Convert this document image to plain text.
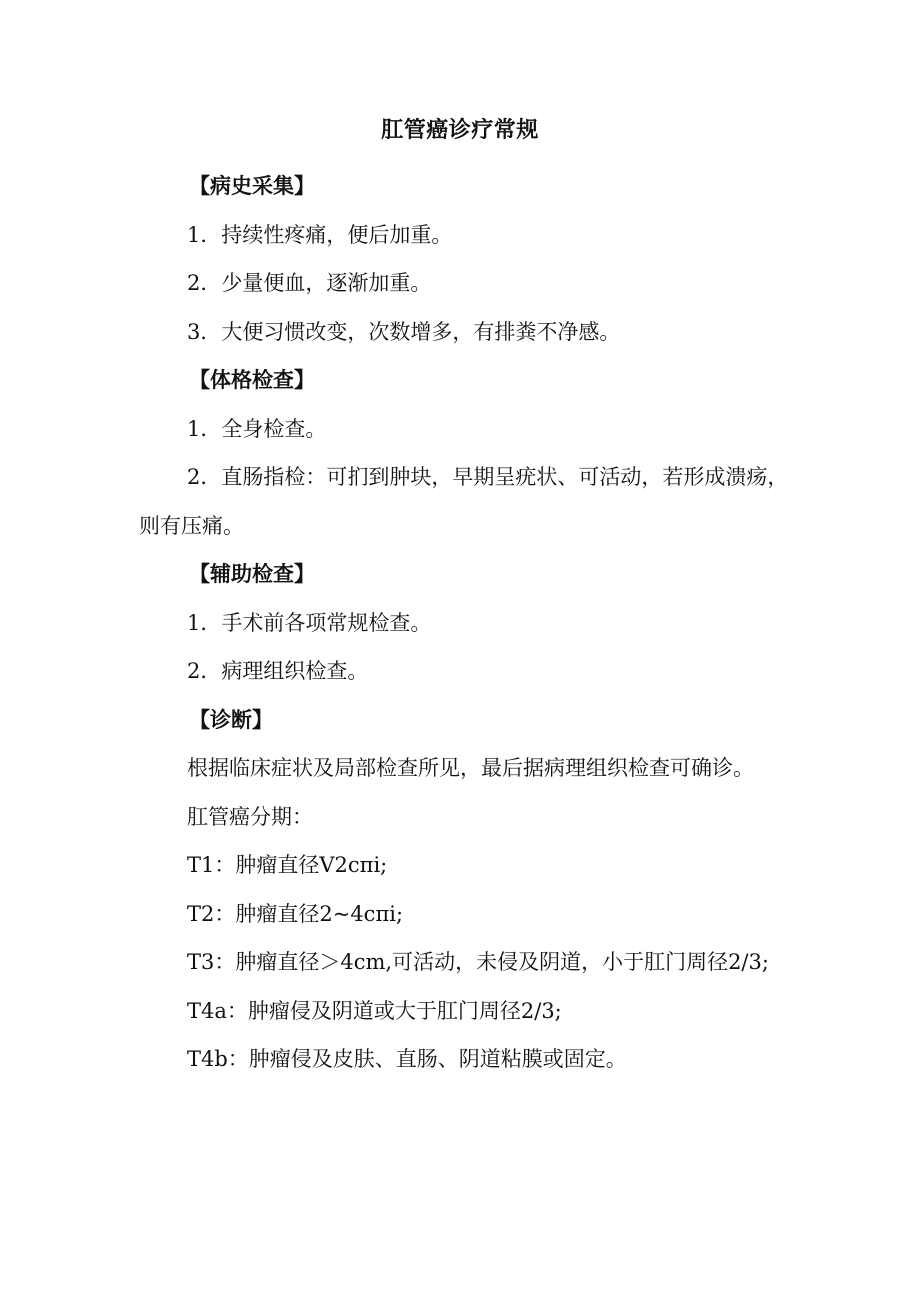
肛管癌诊疗常规

【病史采集】

1．持续性疼痛，便后加重。

2．少量便血，逐渐加重。

3．大便习惯改变，次数增多，有排粪不净感。

【体格检查】

1．全身检查。

2．直肠指检：可扪到肿块，早期呈疣状、可活动，若形成溃疡，则有压痛。

【辅助检查】

1．手术前各项常规检查。

2．病理组织检查。

【诊断】

根据临床症状及局部检查所见，最后据病理组织检查可确诊。

肛管癌分期：

T1：肿瘤直径V2cπi;

T2：肿瘤直径2~4cπi;

T3：肿瘤直径＞4cm,可活动，未侵及阴道，小于肛门周径2/3;

T4a：肿瘤侵及阴道或大于肛门周径2/3;

T4b：肿瘤侵及皮肤、直肠、阴道粘膜或固定。
